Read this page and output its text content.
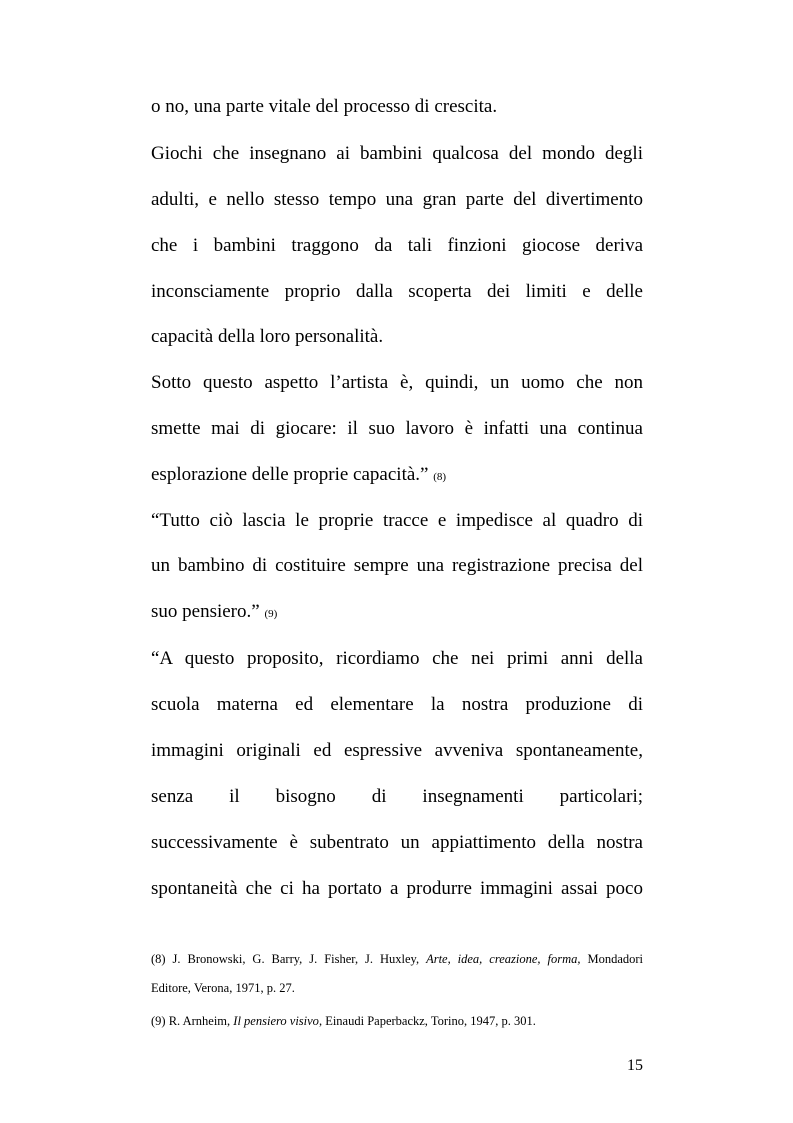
o no, una parte vitale del processo di crescita.
Giochi che insegnano ai bambini qualcosa del mondo degli
adulti, e nello stesso tempo una gran parte del divertimento
che i bambini traggono da tali finzioni giocose deriva
inconsciamente proprio dalla scoperta dei limiti e delle
capacità della loro personalità.
Sotto questo aspetto l’artista è, quindi, un uomo che non
smette mai di giocare: il suo lavoro è infatti una continua
esplorazione delle proprie capacità.” (8)
“Tutto ciò lascia le proprie tracce e impedisce al quadro di
un bambino di costituire sempre una registrazione precisa del
suo pensiero.” (9)
“A questo proposito, ricordiamo che nei primi anni della
scuola materna ed elementare la nostra produzione di
immagini originali ed espressive avveniva spontaneamente,
senza il bisogno di insegnamenti particolari;
successivamente è subentrato un appiattimento della nostra
spontaneità che ci ha portato a produrre immagini assai poco
(8) J. Bronowski, G. Barry, J. Fisher, J. Huxley, Arte, idea, creazione, forma, Mondadori
Editore, Verona, 1971, p. 27.
(9) R. Arnheim, Il pensiero visivo, Einaudi Paperbackz, Torino, 1947, p. 301.
15
